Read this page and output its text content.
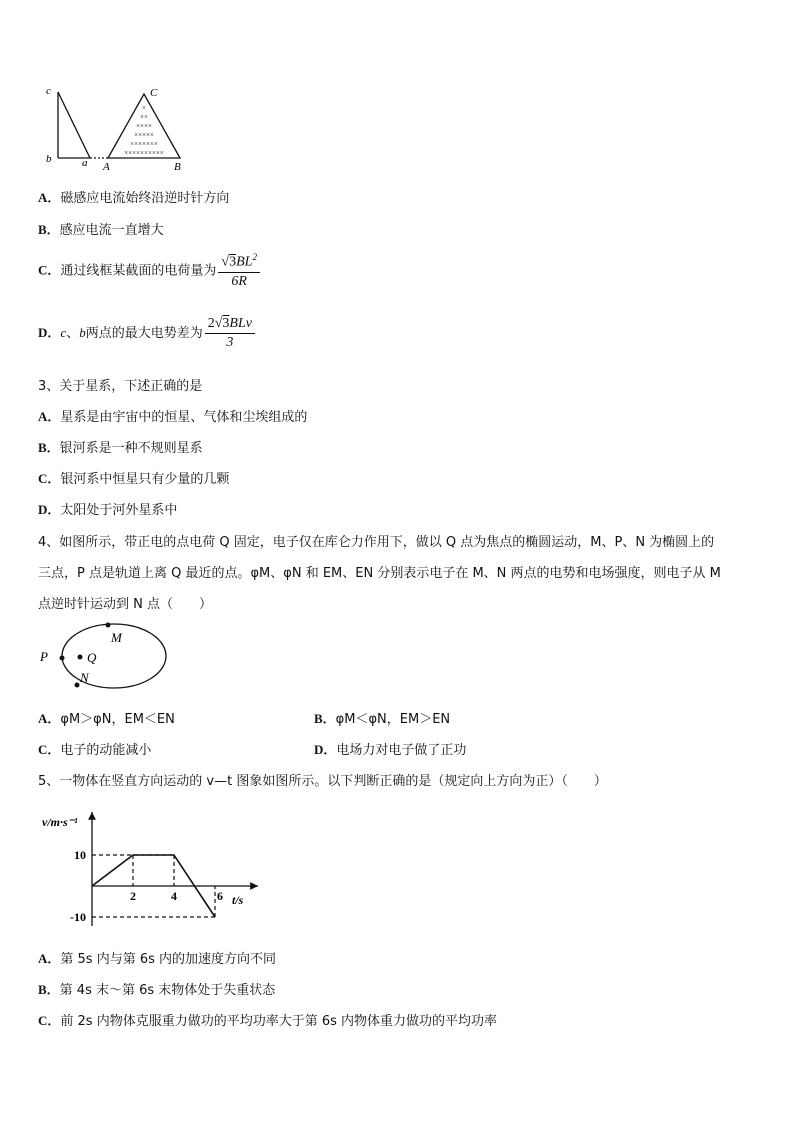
c
b	a A	B
C
×
××
××××
×××××
×××××××
××××××××××
A．磁感应电流始终沿逆时针方向
B．感应电流一直增大
C．通过线框某截面的电荷量为 $\frac{√3BL^2}{6R}$
D．c、b两点的最大电势差为 $\frac{\text{2√3BLv}}{3}$
3、关于星系，下述正确的是
A．星系是由宇宙中的恒星、气体和尘埃组成的
B．银河系是一种不规则星系
C．银河系中恒星只有少量的几颗
D．太阳处于河外星系中
4、如图所示，带正电的点电荷 Q 固定，电子仅在库仑力作用下，做以 Q 点为焦点的椭圆运动，M、P、N 为椭圆上的
三点，P 点是轨道上离 Q 最近的点。φM、φN 和 EM、EN 分别表示电子在 M、N 两点的电势和电场强度，则电子从 M
点逆时针运动到 N 点（　　）
P	Q
M
N
A．φM＞φN，EM＜EN	B．φM＜φN，EM＞EN
C．电子的动能减小	D．电场力对电子做了正功
5、一物体在竖直方向运动的 v—t 图象如图所示。以下判断正确的是（规定向上方向为正）（　　）
v/m·s⁻¹
t/s
2	4	6
10
-10
A．第 5s 内与第 6s 内的加速度方向不同
B．第 4s 末～第 6s 末物体处于失重状态
C．前 2s 内物体克服重力做功的平均功率大于第 6s 内物体重力做功的平均功率
